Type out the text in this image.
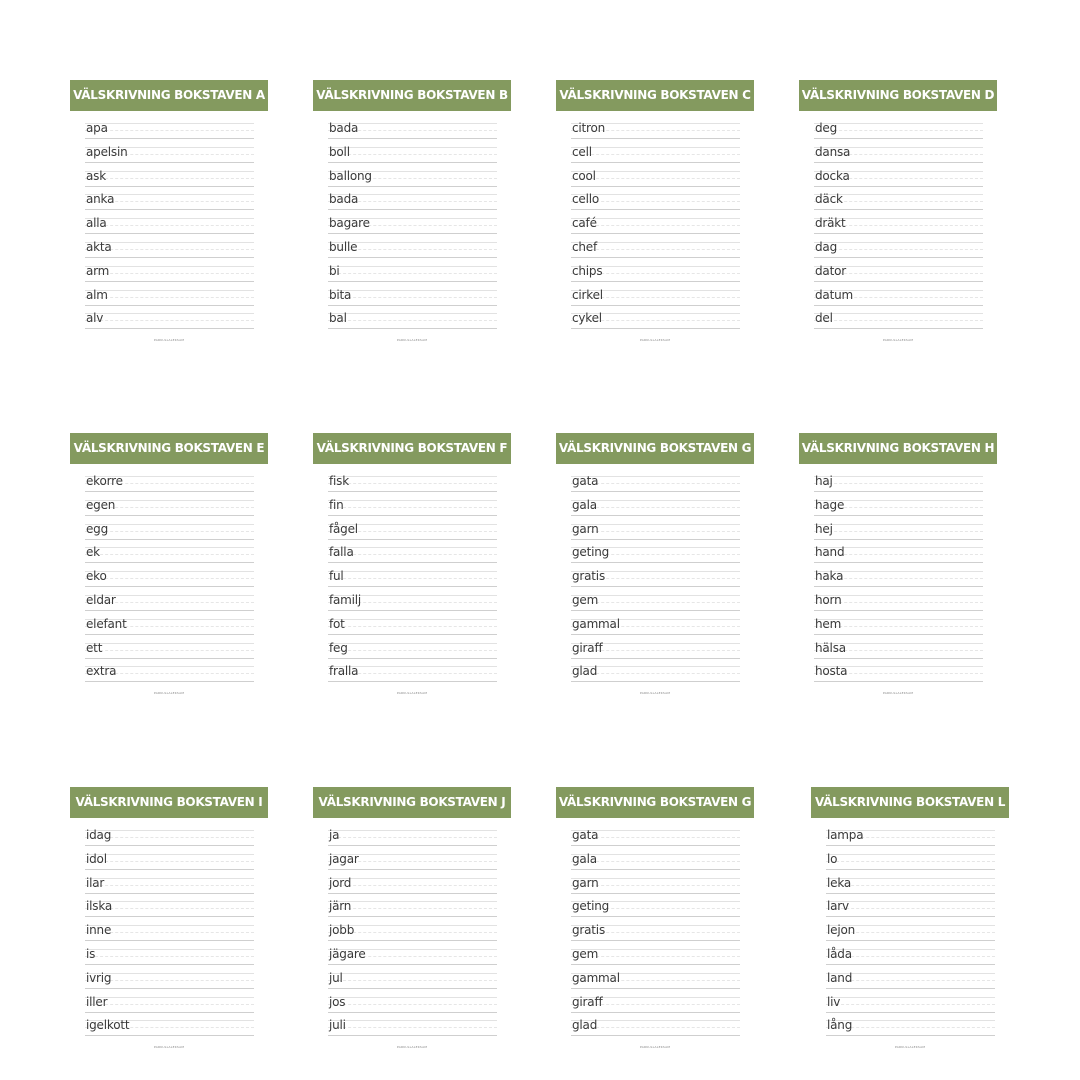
VÄLSKRIVNING BOKSTAVEN A
apa
apelsin
ask
anka
alla
akta
arm
alm
alv
PARKULLALEKSAM
VÄLSKRIVNING BOKSTAVEN B
bada
boll
ballong
bada
bagare
bulle
bi
bita
bal
PARKULLALEKSAM
VÄLSKRIVNING BOKSTAVEN C
citron
cell
cool
cello
café
chef
chips
cirkel
cykel
PARKULLALEKSAM
VÄLSKRIVNING BOKSTAVEN D
deg
dansa
docka
däck
dräkt
dag
dator
datum
del
PARKULLALEKSAM
VÄLSKRIVNING BOKSTAVEN E
ekorre
egen
egg
ek
eko
eldar
elefant
ett
extra
PARKULLALEKSAM
VÄLSKRIVNING BOKSTAVEN F
fisk
fin
fågel
falla
ful
familj
fot
feg
fralla
PARKULLALEKSAM
VÄLSKRIVNING BOKSTAVEN G
gata
gala
garn
geting
gratis
gem
gammal
giraff
glad
PARKULLALEKSAM
VÄLSKRIVNING BOKSTAVEN H
haj
hage
hej
hand
haka
horn
hem
hälsa
hosta
PARKULLALEKSAM
VÄLSKRIVNING BOKSTAVEN I
idag
idol
ilar
ilska
inne
is
ivrig
iller
igelkott
PARKULLALEKSAM
VÄLSKRIVNING BOKSTAVEN J
ja
jagar
jord
järn
jobb
jägare
jul
jos
juli
PARKULLALEKSAM
VÄLSKRIVNING BOKSTAVEN G
gata
gala
garn
geting
gratis
gem
gammal
giraff
glad
PARKULLALEKSAM
VÄLSKRIVNING BOKSTAVEN L
lampa
lo
leka
larv
lejon
låda
land
liv
lång
PARKULLALEKSAM
